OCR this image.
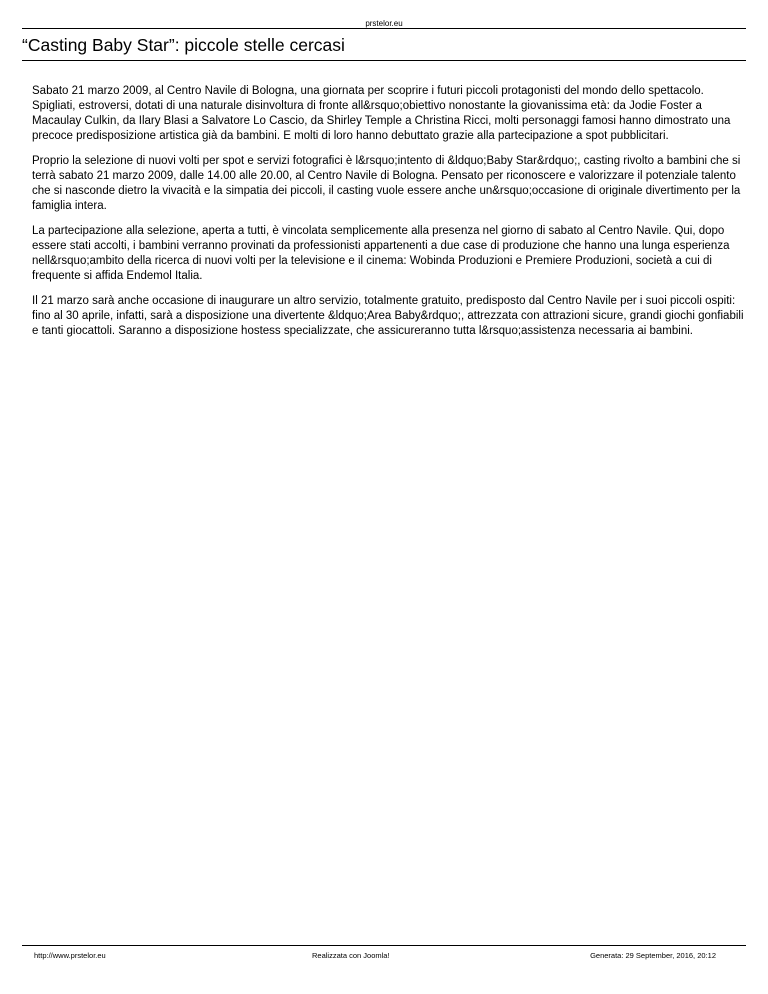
prstelor.eu
“Casting Baby Star”: piccole stelle cercasi

Sabato 21 marzo 2009, al Centro Navile di Bologna, una giornata per scoprire i futuri piccoli protagonisti del mondo dello spettacolo.
Spigliati, estroversi, dotati di una naturale disinvoltura di fronte all&rsquo;obiettivo nonostante la giovanissima età: da Jodie Foster a Macaulay Culkin, da Ilary Blasi a Salvatore Lo Cascio, da Shirley Temple a Christina Ricci, molti personaggi famosi hanno dimostrato una precoce predisposizione artistica già da bambini. E molti di loro hanno debuttato grazie alla partecipazione a spot pubblicitari.

Proprio la selezione di nuovi volti per spot e servizi fotografici è l&rsquo;intento di &ldquo;Baby Star&rdquo;, casting rivolto a bambini che si terrà sabato 21 marzo 2009, dalle 14.00 alle 20.00, al Centro Navile di Bologna. Pensato per riconoscere e valorizzare il potenziale talento che si nasconde dietro la vivacità e la simpatia dei piccoli, il casting vuole essere anche un&rsquo;occasione di originale divertimento per la famiglia intera.

La partecipazione alla selezione, aperta a tutti, è vincolata semplicemente alla presenza nel giorno di sabato al Centro Navile. Qui, dopo essere stati accolti, i bambini verranno provinati da professionisti appartenenti a due case di produzione che hanno una lunga esperienza nell&rsquo;ambito della ricerca di nuovi volti per la televisione e il cinema: Wobinda Produzioni e Premiere Produzioni, società a cui di frequente si affida Endemol Italia.

Il 21 marzo sarà anche occasione di inaugurare un altro servizio, totalmente gratuito, predisposto dal Centro Navile per i suoi piccoli ospiti: fino al 30 aprile, infatti, sarà a disposizione una divertente &ldquo;Area Baby&rdquo;, attrezzata con attrazioni sicure, grandi giochi gonfiabili e tanti giocattoli. Saranno a disposizione hostess specializzate, che assicureranno tutta l&rsquo;assistenza necessaria ai bambini.

http://www.prstelor.eu	Realizzata con Joomla!	Generata: 29 September, 2016, 20:12
